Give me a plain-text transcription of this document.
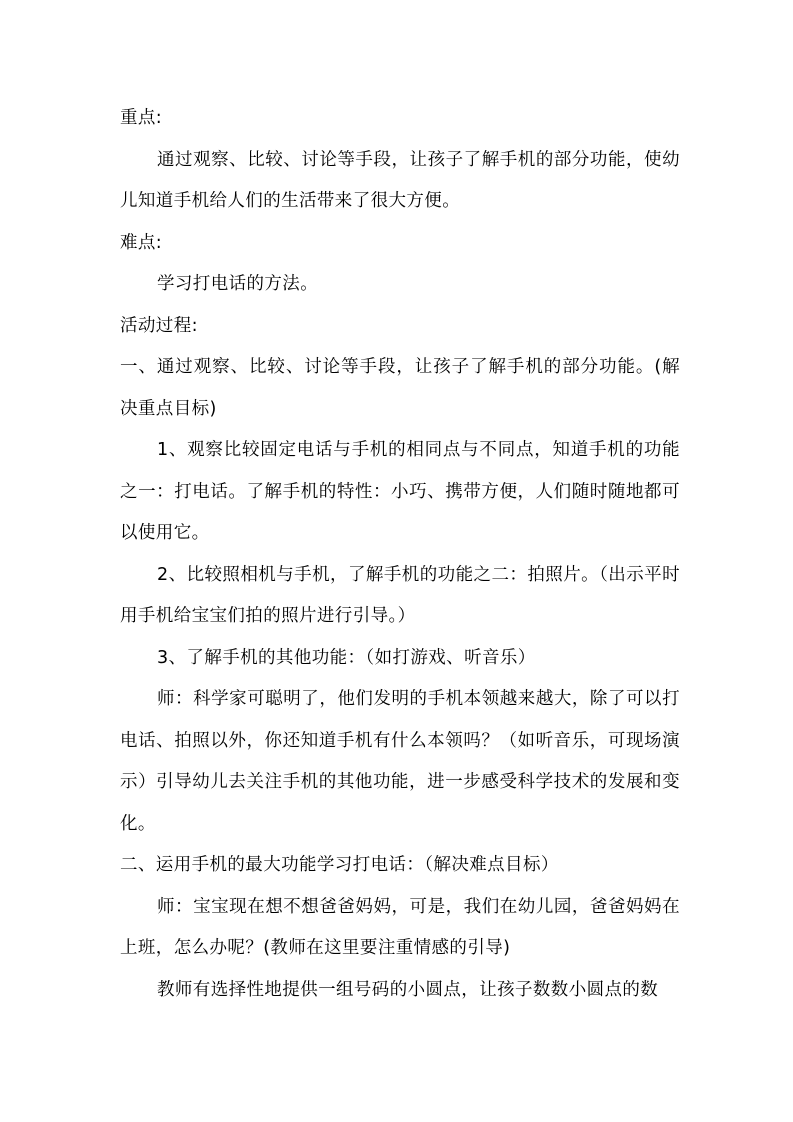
重点:

通过观察、比较、讨论等手段，让孩子了解手机的部分功能，使幼儿知道手机给人们的生活带来了很大方便。

难点:

学习打电话的方法。

活动过程:

一、通过观察、比较、讨论等手段，让孩子了解手机的部分功能。(解决重点目标)

1、观察比较固定电话与手机的相同点与不同点，知道手机的功能之一：打电话。了解手机的特性：小巧、携带方便，人们随时随地都可以使用它。

2、比较照相机与手机，了解手机的功能之二：拍照片。（出示平时用手机给宝宝们拍的照片进行引导。）

3、了解手机的其他功能：（如打游戏、听音乐）

师：科学家可聪明了，他们发明的手机本领越来越大，除了可以打电话、拍照以外，你还知道手机有什么本领吗？（如听音乐，可现场演示）引导幼儿去关注手机的其他功能，进一步感受科学技术的发展和变化。

二、运用手机的最大功能学习打电话：（解决难点目标）

师：宝宝现在想不想爸爸妈妈，可是，我们在幼儿园，爸爸妈妈在上班，怎么办呢？(教师在这里要注重情感的引导)

教师有选择性地提供一组号码的小圆点，让孩子数数小圆点的数
